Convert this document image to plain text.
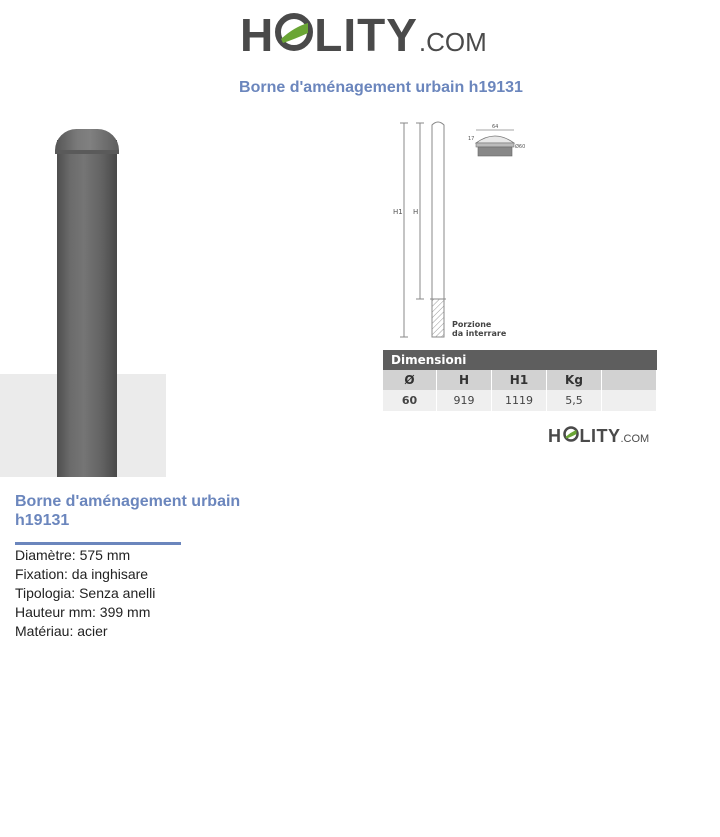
H LITY .COM
Borne d'aménagement urbain h19131
H1 H
Porzione
da interrare
64
17
Ø60
Dimensioni
Ø	H	H1	Kg
60	919	1119	5,5
H LITY .COM
Borne d'aménagement urbain h19131
Diamètre: 575 mm
Fixation: da inghisare
Tipologia: Senza anelli
Hauteur mm: 399 mm
Matériau: acier
